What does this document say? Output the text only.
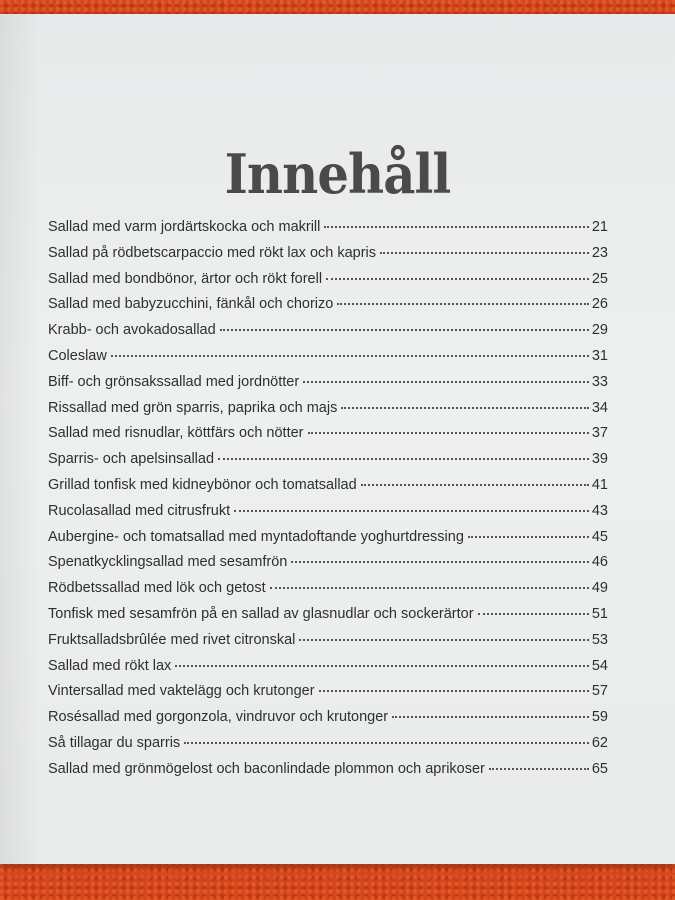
Innehåll
Sallad med varm jordärtskocka och makrill	21
Sallad på rödbetscarpaccio med rökt lax och kapris	23
Sallad med bondbönor, ärtor och rökt forell	25
Sallad med babyzucchini, fänkål och chorizo	26
Krabb- och avokadosallad	29
Coleslaw	31
Biff- och grönsakssallad med jordnötter	33
Rissallad med grön sparris, paprika och majs	34
Sallad med risnudlar, köttfärs och nötter	37
Sparris- och apelsinsallad	39
Grillad tonfisk med kidneybönor och tomatsallad	41
Rucolasallad med citrusfrukt	43
Aubergine- och tomatsallad med myntadoftande yoghurtdressing	45
Spenatkycklingsallad med sesamfrön	46
Rödbetssallad med lök och getost	49
Tonfisk med sesamfrön på en sallad av glasnudlar och sockerärtor	51
Fruktsalladsbrûlée med rivet citronskal	53
Sallad med rökt lax	54
Vintersallad med vaktelägg och krutonger	57
Rosésallad med gorgonzola, vindruvor och krutonger	59
Så tillagar du sparris	62
Sallad med grönmögelost och baconlindade plommon och aprikoser	65
